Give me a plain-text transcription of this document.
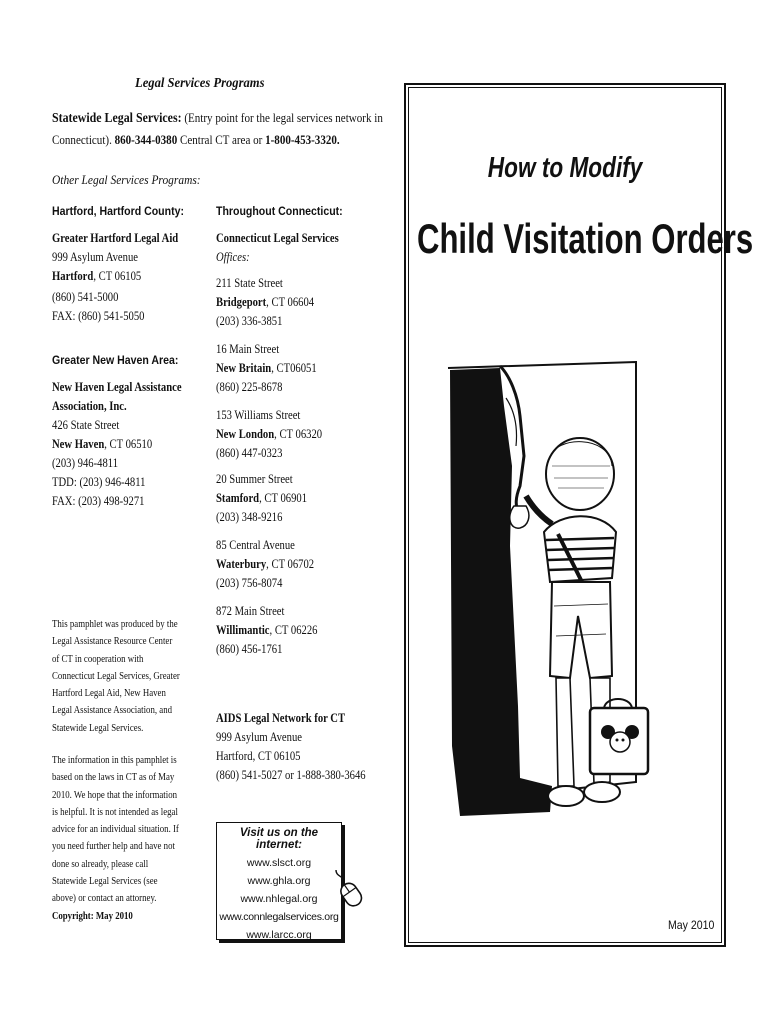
Legal Services Programs
Statewide Legal Services: (Entry point for the legal services network in
Connecticut). 860-344-0380 Central CT area or 1-800-453-3320.
Other Legal Services Programs:
Hartford, Hartford County:
Greater Hartford Legal Aid
999 Asylum Avenue
Hartford, CT 06105
(860) 541-5000
FAX: (860) 541-5050
Greater New Haven Area:
New Haven Legal Assistance
Association, Inc.
426 State Street
New Haven, CT 06510
(203) 946-4811
TDD: (203) 946-4811
FAX: (203) 498-9271
This pamphlet was produced by the
Legal Assistance Resource Center
of CT in cooperation with
Connecticut Legal Services, Greater
Hartford Legal Aid, New Haven
Legal Assistance Association, and
Statewide Legal Services.
The information in this pamphlet is
based on the laws in CT as of May
2010. We hope that the information
is helpful. It is not intended as legal
advice for an individual situation. If
you need further help and have not
done so already, please call
Statewide Legal Services (see
above) or contact an attorney.
Copyright: May 2010
Throughout Connecticut:
Connecticut Legal Services
Offices:
211 State Street
Bridgeport, CT 06604
(203) 336-3851
16 Main Street
New Britain, CT06051
(860) 225-8678
153 Williams Street
New London, CT 06320
(860) 447-0323
20 Summer Street
Stamford, CT 06901
(203) 348-9216
85 Central Avenue
Waterbury, CT 06702
(203) 756-8074
872 Main Street
Willimantic, CT 06226
(860) 456-1761
AIDS Legal Network for CT
999 Asylum Avenue
Hartford, CT 06105
(860) 541-5027 or 1-888-380-3646
Visit us on the internet:
www.slsct.org
www.ghla.org
www.nhlegal.org
www.connlegalservices.org
www.larcc.org
How to Modify
Child Visitation Orders
May 2010
